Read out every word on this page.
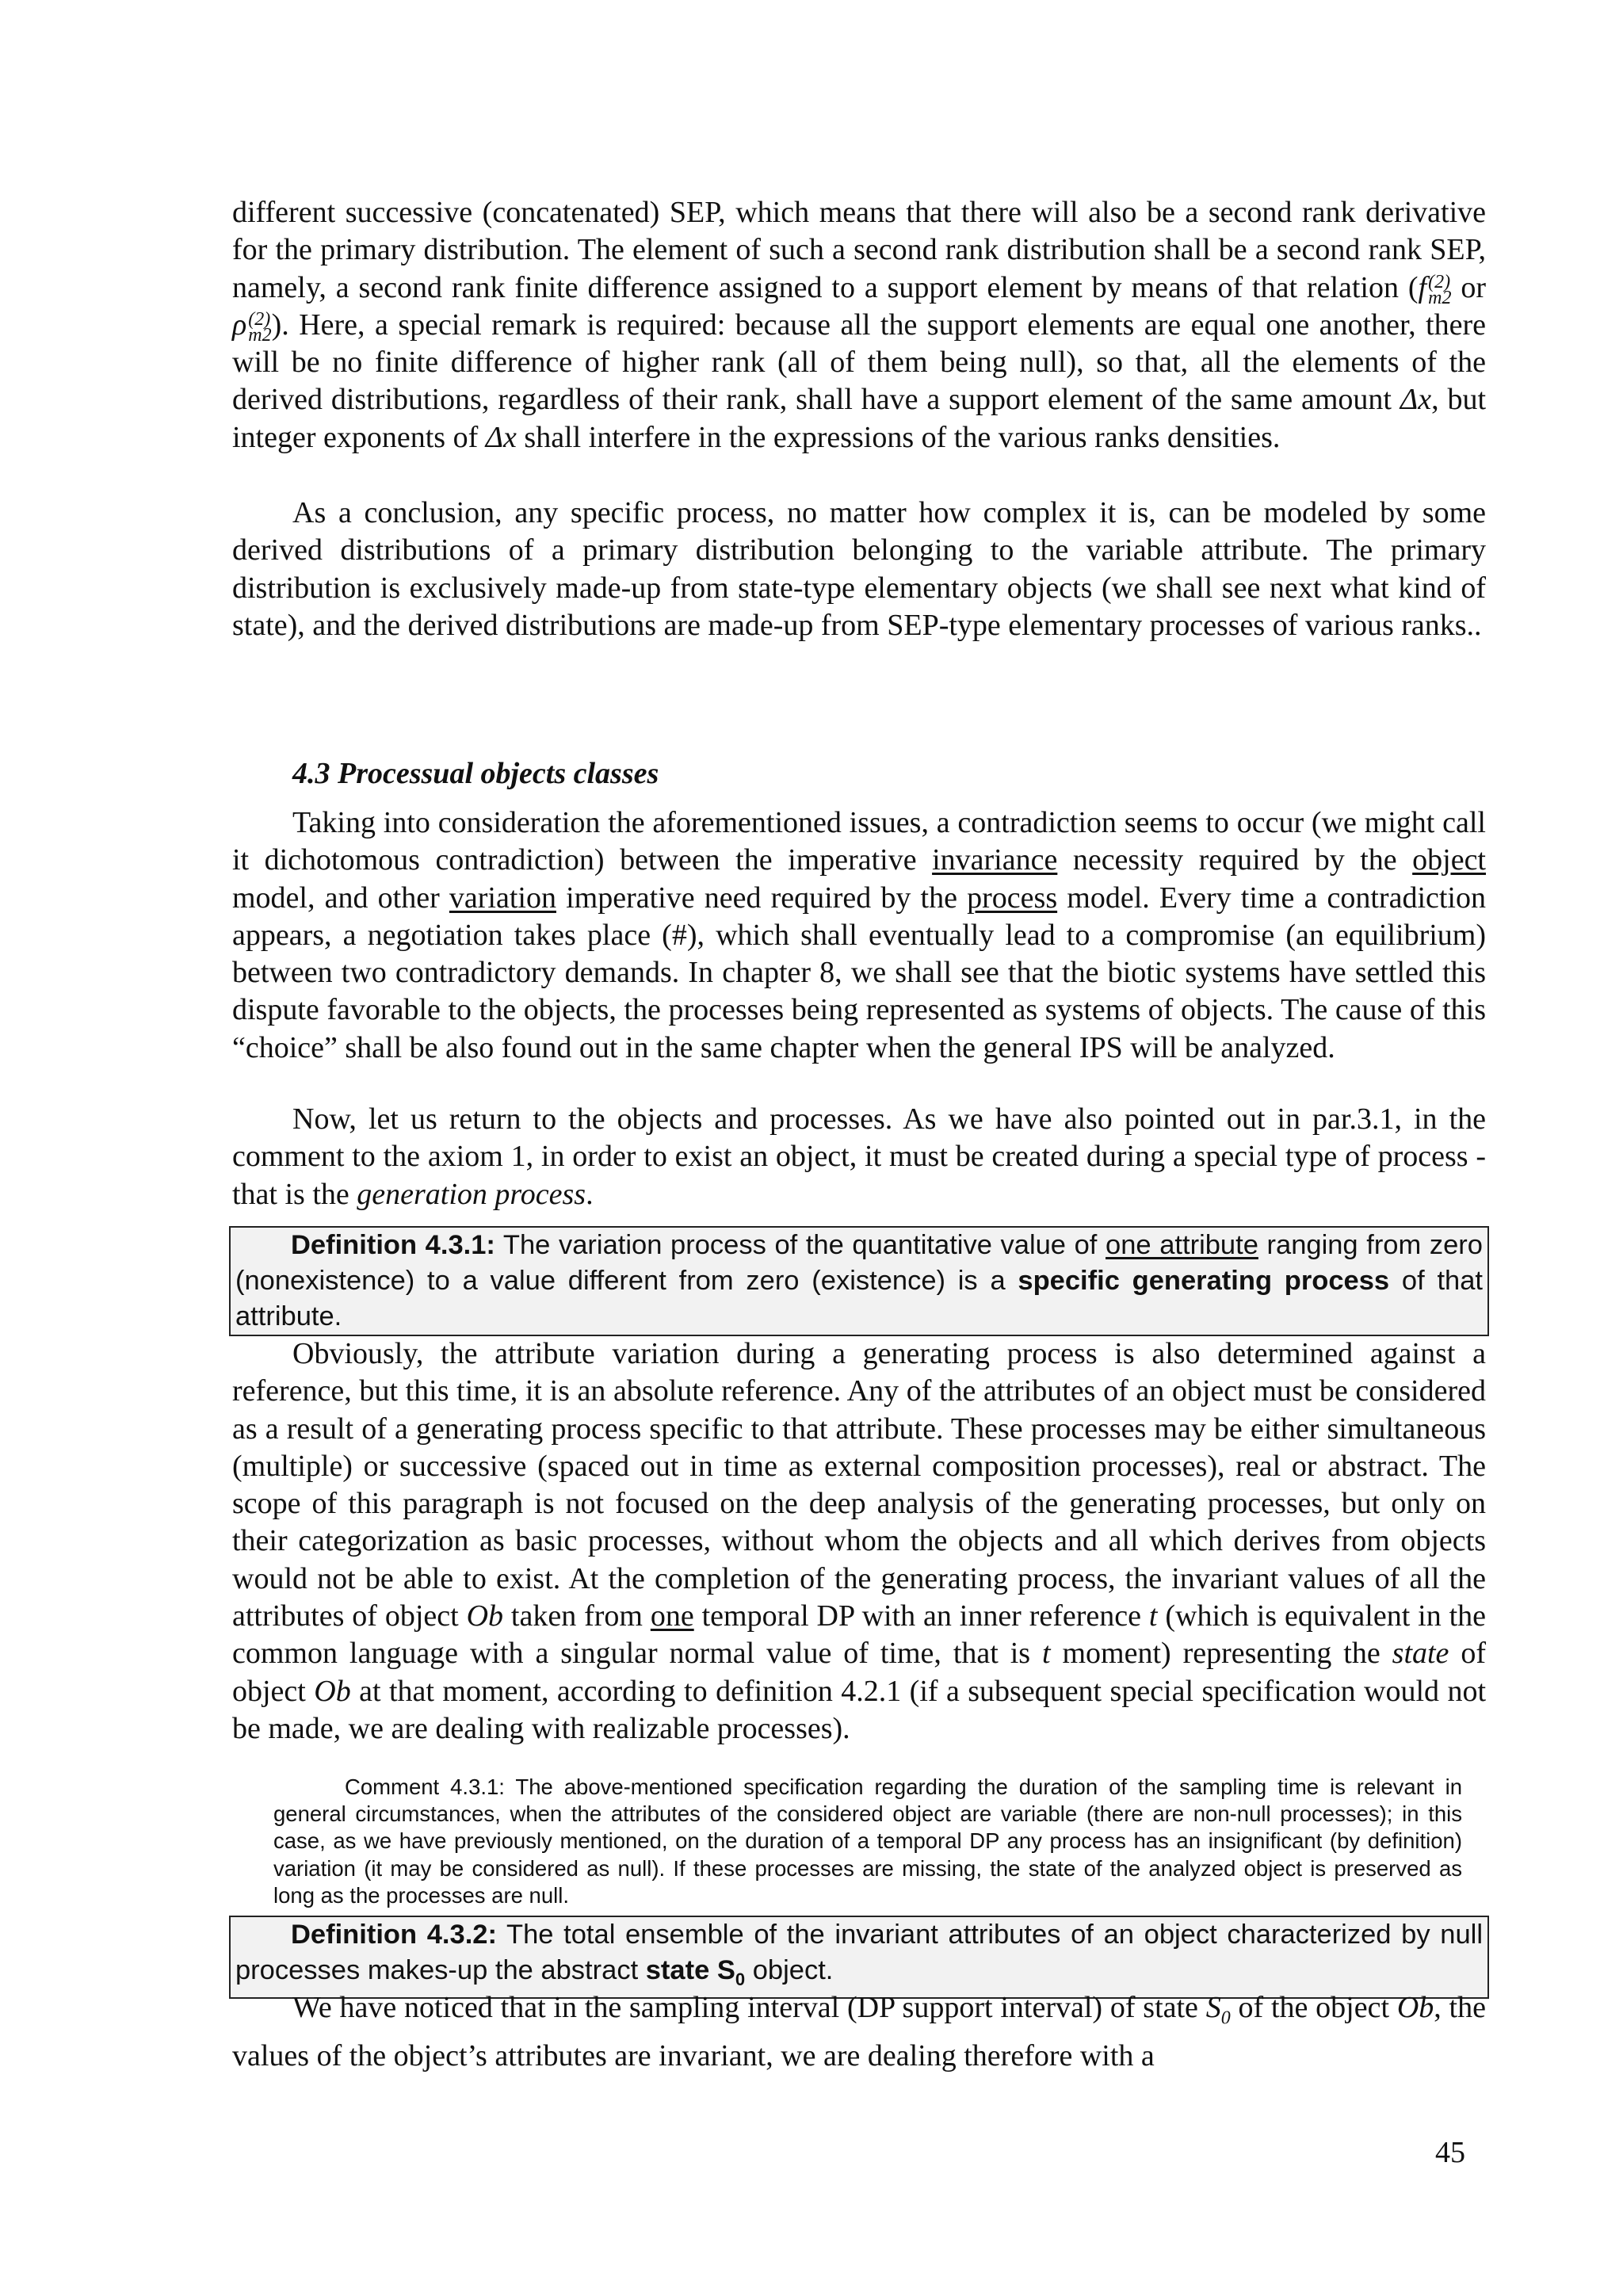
different successive (concatenated) SEP, which means that there will also be a second rank derivative for the primary distribution. The element of such a second rank distribution shall be a second rank SEP, namely, a second rank finite difference assigned to a support element by means of that relation (f (2)
m2 or ρ (2)
m2 ). Here, a special remark is required: because all the support elements are equal one another, there will be no finite difference of higher rank (all of them being null), so that, all the elements of the derived distributions, regardless of their rank, shall have a support element of the same amount Δx, but integer exponents of Δx shall interfere in the expressions of the various ranks densities.

As a conclusion, any specific process, no matter how complex it is, can be modeled by some derived distributions of a primary distribution belonging to the variable attribute. The primary distribution is exclusively made-up from state-type elementary objects (we shall see next what kind of state), and the derived distributions are made-up from SEP-type elementary processes of various ranks..

4.3 Processual objects classes

Taking into consideration the aforementioned issues, a contradiction seems to occur (we might call it dichotomous contradiction) between the imperative invariance necessity required by the object model, and other variation imperative need required by the process model. Every time a contradiction appears, a negotiation takes place (#), which shall eventually lead to a compromise (an equilibrium) between two contradictory demands. In chapter 8, we shall see that the biotic systems have settled this dispute favorable to the objects, the processes being represented as systems of objects. The cause of this “choice” shall be also found out in the same chapter when the general IPS will be analyzed.

Now, let us return to the objects and processes. As we have also pointed out in par.3.1, in the comment to the axiom 1, in order to exist an object, it must be created during a special type of process - that is the generation process.

Definition 4.3.1: The variation process of the quantitative value of one attribute ranging from zero (nonexistence) to a value different from zero (existence) is a specific generating process of that attribute.

Obviously, the attribute variation during a generating process is also determined against a reference, but this time, it is an absolute reference. Any of the attributes of an object must be considered as a result of a generating process specific to that attribute. These processes may be either simultaneous (multiple) or successive (spaced out in time as external composition processes), real or abstract. The scope of this paragraph is not focused on the deep analysis of the generating processes, but only on their categorization as basic processes, without whom the objects and all which derives from objects would not be able to exist. At the completion of the generating process, the invariant values of all the attributes of object Ob taken from one temporal DP with an inner reference t (which is equivalent in the common language with a singular normal value of time, that is t moment) representing the state of object Ob at that moment, according to definition 4.2.1 (if a subsequent special specification would not be made, we are dealing with realizable processes).

Comment 4.3.1: The above-mentioned specification regarding the duration of the sampling time is relevant in general circumstances, when the attributes of the considered object are variable (there are non-null processes); in this case, as we have previously mentioned, on the duration of a temporal DP any process has an insignificant (by definition) variation (it may be considered as null). If these processes are missing, the state of the analyzed object is preserved as long as the processes are null.
Definition 4.3.2: The total ensemble of the invariant attributes of an object characterized by null processes makes-up the abstract state $S_0$ object.

We have noticed that in the sampling interval (DP support interval) of state $S_0$ of the object Ob, the values of the object’s attributes are invariant, we are dealing therefore with a

45
